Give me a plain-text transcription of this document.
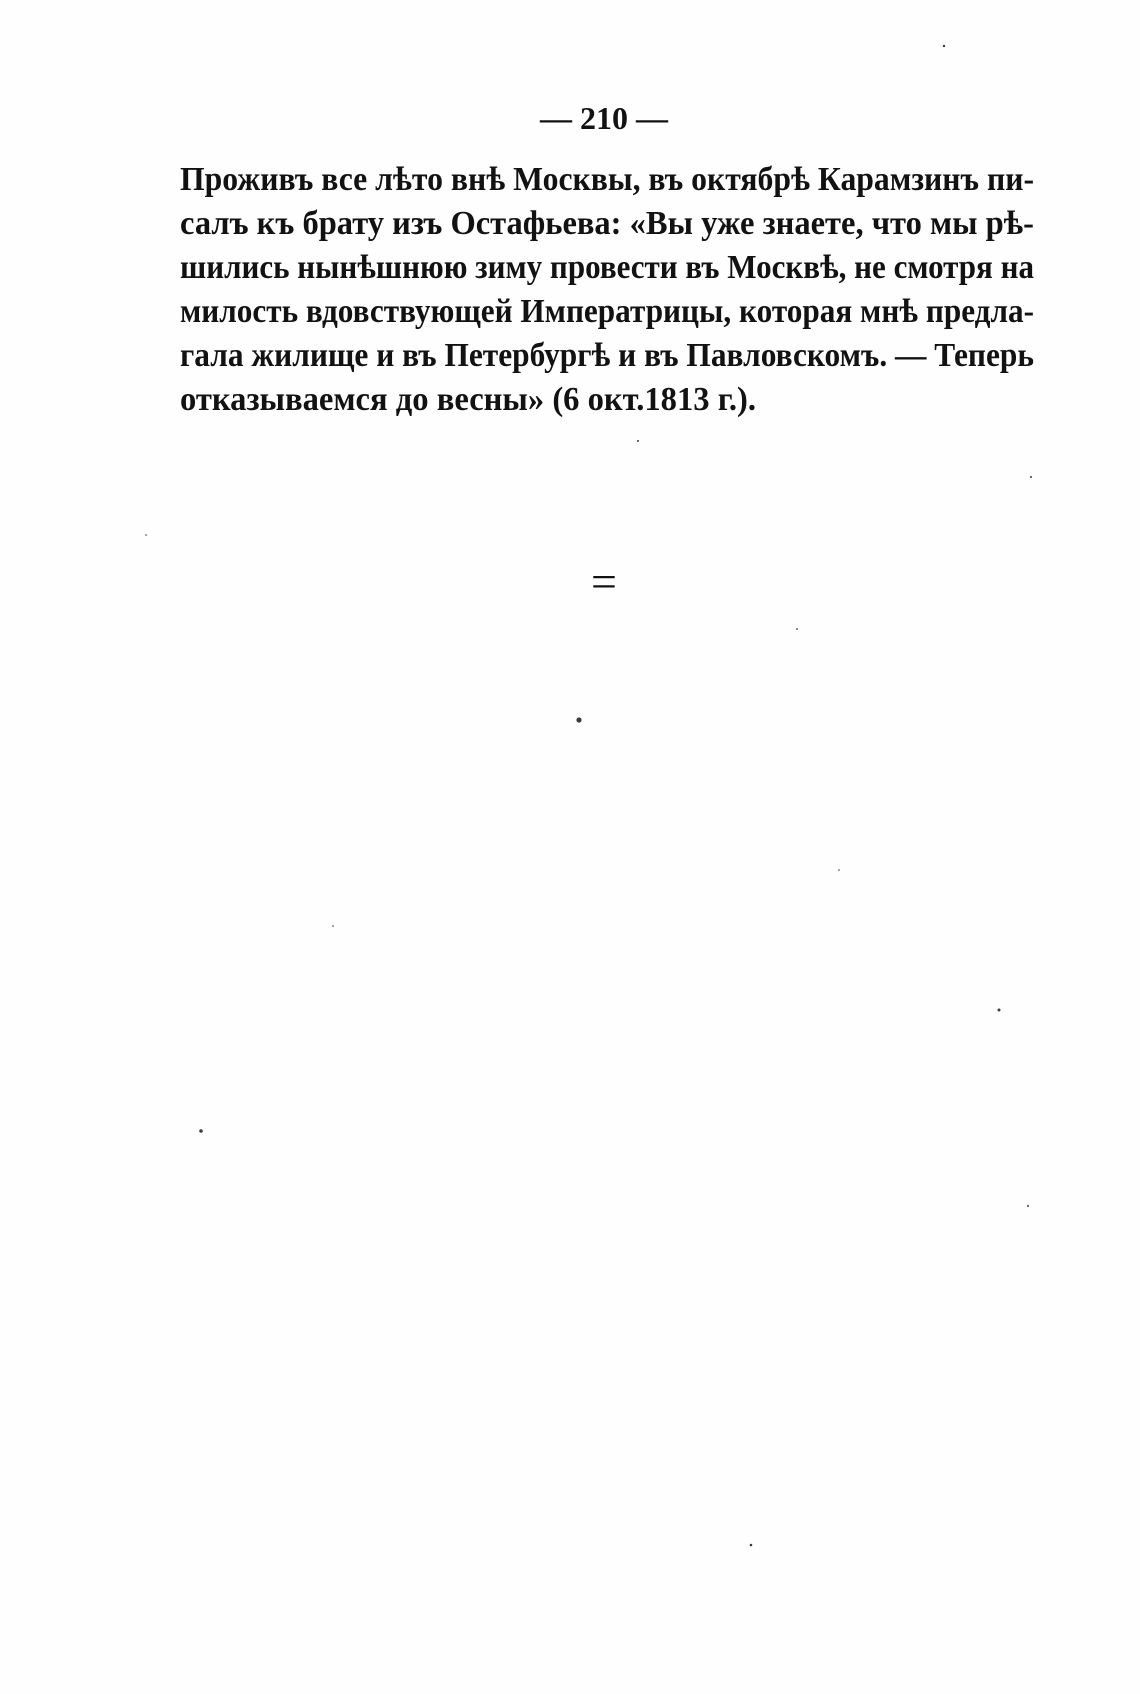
— 210 —
Проживъ все лѣто внѣ Москвы, въ октябрѣ Карамзинъ пи-
салъ къ брату изъ Остафьева: «Вы уже знаете, что мы рѣ-
шились нынѣшнюю зиму провести въ Москвѣ, не смотря на
милость вдовствующей Императрицы, которая мнѣ предла-
гала жилище и въ Петербургѣ и въ Павловскомъ. — Теперь
отказываемся до весны» (6 окт.1813 г.).
=
